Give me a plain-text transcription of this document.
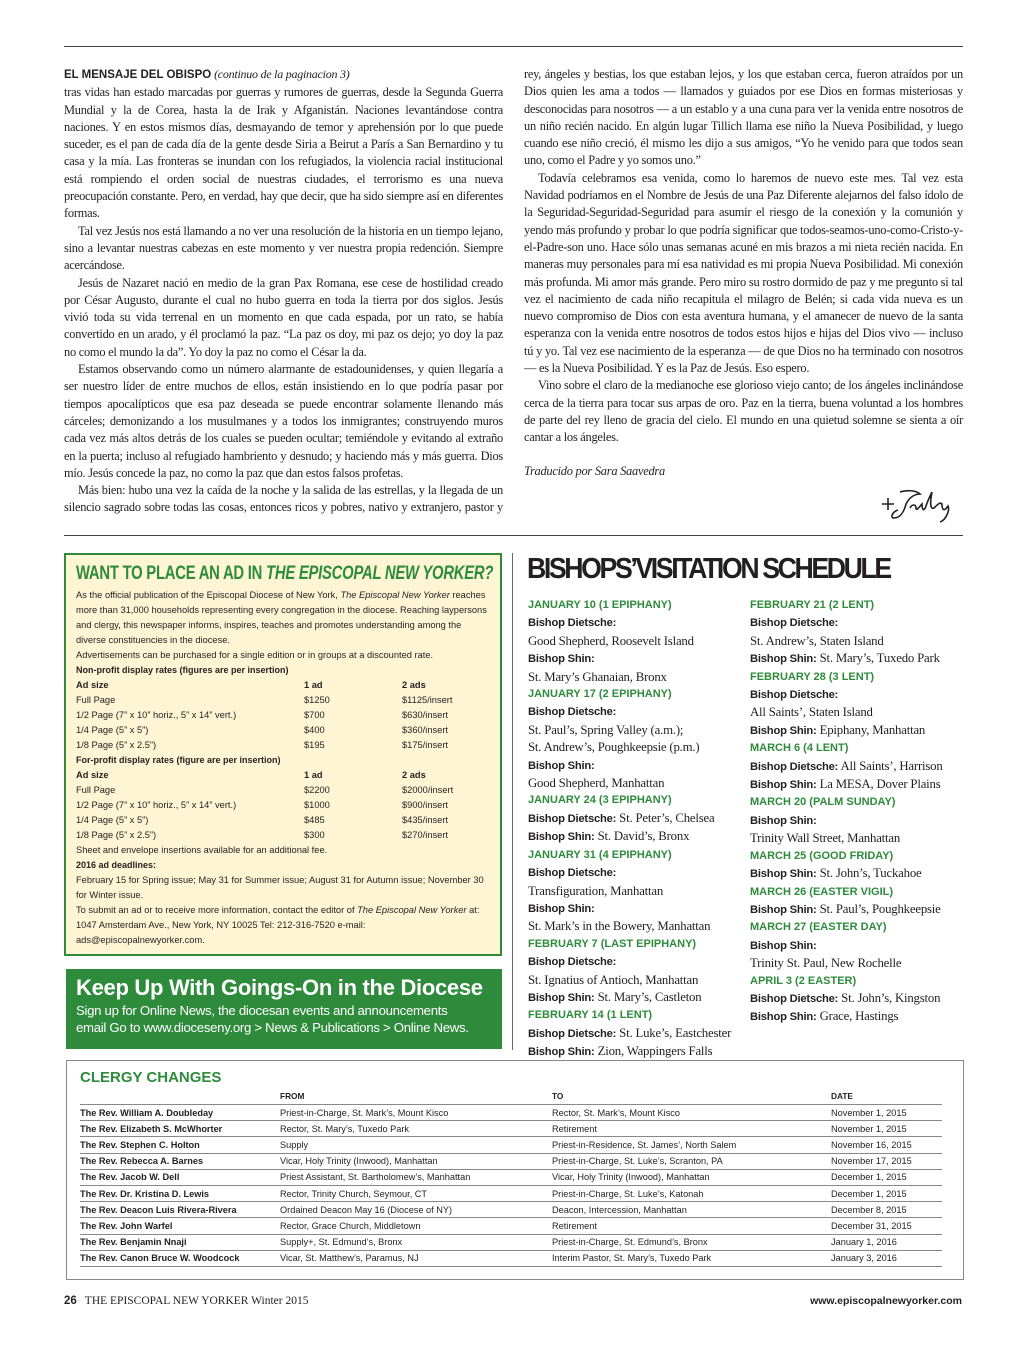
EL MENSAJE DEL OBISPO (continuo de la paginacion 3)
tras vidas han estado marcadas por guerras y rumores de guerras, desde la Segunda Guerra Mundial y la de Corea, hasta la de Irak y Afganistán. Naciones levantándose contra naciones. Y en estos mismos días, desmayando de temor y aprehensión por lo que puede suceder, es el pan de cada día de la gente desde Siria a Beirut a París a San Bernardino y tu casa y la mía. Las fronteras se inundan con los refugiados, la violencia racial institucional está rompiendo el orden social de nuestras ciudades, el terrorismo es una nueva preocupación constante. Pero, en verdad, hay que decir, que ha sido siempre así en diferentes formas.

Tal vez Jesús nos está llamando a no ver una resolución de la historia en un tiempo lejano, sino a levantar nuestras cabezas en este momento y ver nuestra propia redención. Siempre acercándose.

Jesús de Nazaret nació en medio de la gran Pax Romana, ese cese de hostilidad creado por César Augusto, durante el cual no hubo guerra en toda la tierra por dos siglos. Jesús vivió toda su vida terrenal en un momento en que cada espada, por un rato, se había convertido en un arado, y él proclamó la paz. “La paz os doy, mi paz os dejo; yo doy la paz no como el mundo la da”. Yo doy la paz no como el César la da.

Estamos observando como un número alarmante de estadounidenses, y quien llegaría a ser nuestro líder de entre muchos de ellos, están insistiendo en lo que podría pasar por tiempos apocalípticos que esa paz deseada se puede encontrar solamente llenando más cárceles; demonizando a los musulmanes y a todos los inmigrantes; construyendo muros cada vez más altos detrás de los cuales se pueden ocultar; temiéndole y evitando al extraño en la puerta; incluso al refugiado hambriento y desnudo; y haciendo más y más guerra. Dios mío. Jesús concede la paz, no como la paz que dan estos falsos profetas.

Más bien: hubo una vez la caída de la noche y la salida de las estrellas, y la llegada de un silencio sagrado sobre todas las cosas, entonces ricos y pobres, nativo y extranjero, pastor y rey, ángeles y bestias, los que estaban lejos, y los que estaban cerca, fueron atraídos por un Dios quien les ama a todos — llamados y guiados por ese Dios en formas misteriosas y desconocidas para nosotros — a un establo y a una cuna para ver la venida entre nosotros de un niño recién nacido. En algún lugar Tillich llama ese niño la Nueva Posibilidad, y luego cuando ese niño creció, él mismo les dijo a sus amigos, “Yo he venido para que todos sean uno, como el Padre y yo somos uno.”

Todavía celebramos esa venida, como lo haremos de nuevo este mes. Tal vez esta Navidad podríamos en el Nombre de Jesús de una Paz Diferente alejarnos del falso ídolo de la Seguridad-Seguridad-Seguridad para asumir el riesgo de la conexión y la comunión y yendo más profundo y probar lo que podría significar que todos-seamos-uno-como-Cristo-y-el-Padre-son uno. Hace sólo unas semanas acuné en mis brazos a mi nieta recién nacida. En maneras muy personales para mí esa natividad es mi propia Nueva Posibilidad. Mi conexión más profunda. Mi amor más grande. Pero miro su rostro dormido de paz y me pregunto si tal vez el nacimiento de cada niño recapitula el milagro de Belén; si cada vida nueva es un nuevo compromiso de Dios con esta aventura humana, y el amanecer de nuevo de la santa esperanza con la venida entre nosotros de todos estos hijos e hijas del Dios vivo — incluso tú y yo. Tal vez ese nacimiento de la esperanza — de que Dios no ha terminado con nosotros — es la Nueva Posibilidad. Y es la Paz de Jesús. Eso espero.

Vino sobre el claro de la medianoche ese glorioso viejo canto; de los ángeles inclinándose cerca de la tierra para tocar sus arpas de oro. Paz en la tierra, buena voluntad a los hombres de parte del rey lleno de gracia del cielo. El mundo en una quietud solemne se sienta a oír cantar a los ángeles.

Traducido por Sara Saavedra

WANT TO PLACE AN AD IN THE EPISCOPAL NEW YORKER?
As the official publication of the Episcopal Diocese of New York, The Episcopal New Yorker reaches more than 31,000 households representing every congregation in the diocese. Reaching laypersons and clergy, this newspaper informs, inspires, teaches and promotes understanding among the diverse constituencies in the diocese.
Advertisements can be purchased for a single edition or in groups at a discounted rate.
Non-profit display rates (figures are per insertion)
Ad size	1 ad	2 ads
Full Page	$1250	$1125/insert
1/2 Page (7” x 10” horiz., 5” x 14” vert.)	$700	$630/insert
1/4 Page (5” x 5”)	$400	$360/insert
1/8 Page (5” x 2.5”)	$195	$175/insert
For-profit display rates (figure are per insertion)
Ad size	1 ad	2 ads
Full Page	$2200	$2000/insert
1/2 Page (7” x 10” horiz., 5” x 14” vert.)	$1000	$900/insert
1/4 Page (5” x 5”)	$485	$435/insert
1/8 Page (5” x 2.5”)	$300	$270/insert
Sheet and envelope insertions available for an additional fee.
2016 ad deadlines:
February 15 for Spring issue; May 31 for Summer issue; August 31 for Autumn issue; November 30 for Winter issue.
To submit an ad or to receive more information, contact the editor of The Episcopal New Yorker at: 1047 Amsterdam Ave., New York, NY 10025 Tel: 212-316-7520 e-mail: ads@episcopalnewyorker.com.
Keep Up With Goings-On in the Diocese
Sign up for Online News, the diocesan events and announcements
email Go to www.dioceseny.org > News & Publications > Online News.
BISHOPS’VISITATION SCHEDULE
JANUARY 10 (1 EPIPHANY)
Bishop Dietsche:
Good Shepherd, Roosevelt Island
Bishop Shin:
St. Mary’s Ghanaian, Bronx
JANUARY 17 (2 EPIPHANY)
Bishop Dietsche:
St. Paul’s, Spring Valley (a.m.);
St. Andrew’s, Poughkeepsie (p.m.)
Bishop Shin:
Good Shepherd, Manhattan
JANUARY 24 (3 EPIPHANY)
Bishop Dietsche: St. Peter’s, Chelsea
Bishop Shin: St. David’s, Bronx
JANUARY 31 (4 EPIPHANY)
Bishop Dietsche:
Transfiguration, Manhattan
Bishop Shin:
St. Mark’s in the Bowery, Manhattan
FEBRUARY 7 (LAST EPIPHANY)
Bishop Dietsche:
St. Ignatius of Antioch, Manhattan
Bishop Shin: St. Mary’s, Castleton
FEBRUARY 14 (1 LENT)
Bishop Dietsche: St. Luke’s, Eastchester
Bishop Shin: Zion, Wappingers Falls
FEBRUARY 21 (2 LENT)
Bishop Dietsche:
St. Andrew’s, Staten Island
Bishop Shin: St. Mary’s, Tuxedo Park
FEBRUARY 28 (3 LENT)
Bishop Dietsche:
All Saints’, Staten Island
Bishop Shin: Epiphany, Manhattan
MARCH 6 (4 LENT)
Bishop Dietsche: All Saints’, Harrison
Bishop Shin: La MESA, Dover Plains
MARCH 20 (PALM SUNDAY)
Bishop Shin:
Trinity Wall Street, Manhattan
MARCH 25 (GOOD FRIDAY)
Bishop Shin: St. John’s, Tuckahoe
MARCH 26 (EASTER VIGIL)
Bishop Shin: St. Paul’s, Poughkeepsie
MARCH 27 (EASTER DAY)
Bishop Shin:
Trinity St. Paul, New Rochelle
APRIL 3 (2 EASTER)
Bishop Dietsche: St. John’s, Kingston
Bishop Shin: Grace, Hastings
CLERGY CHANGES
	FROM	TO	DATE
The Rev. William A. Doubleday	Priest-in-Charge, St. Mark’s, Mount Kisco	Rector, St. Mark’s, Mount Kisco	November 1, 2015
The Rev. Elizabeth S. McWhorter	Rector, St. Mary’s, Tuxedo Park	Retirement	November 1, 2015
The Rev. Stephen C. Holton	Supply	Priest-in-Residence, St. James’, North Salem	November 16, 2015
The Rev. Rebecca A. Barnes	Vicar, Holy Trinity (Inwood), Manhattan	Priest-in-Charge, St. Luke’s, Scranton, PA	November 17, 2015
The Rev. Jacob W. Dell	Priest Assistant, St. Bartholomew’s, Manhattan	Vicar, Holy Trinity (Inwood), Manhattan	December 1, 2015
The Rev. Dr. Kristina D. Lewis	Rector, Trinity Church, Seymour, CT	Priest-in-Charge, St. Luke’s, Katonah	December 1, 2015
The Rev. Deacon Luis Rivera-Rivera	Ordained Deacon May 16 (Diocese of NY)	Deacon, Intercession, Manhattan	December 8, 2015
The Rev. John Warfel	Rector, Grace Church, Middletown	Retirement	December 31, 2015
The Rev. Benjamin Nnaji	Supply+, St. Edmund’s, Bronx	Priest-in-Charge, St. Edmund’s, Bronx	January 1, 2016
The Rev. Canon Bruce W. Woodcock	Vicar, St. Matthew’s, Paramus, NJ	Interim Pastor, St. Mary’s, Tuxedo Park	January 3, 2016
26 THE EPISCOPAL NEW YORKER Winter 2015	www.episcopalnewyorker.com
